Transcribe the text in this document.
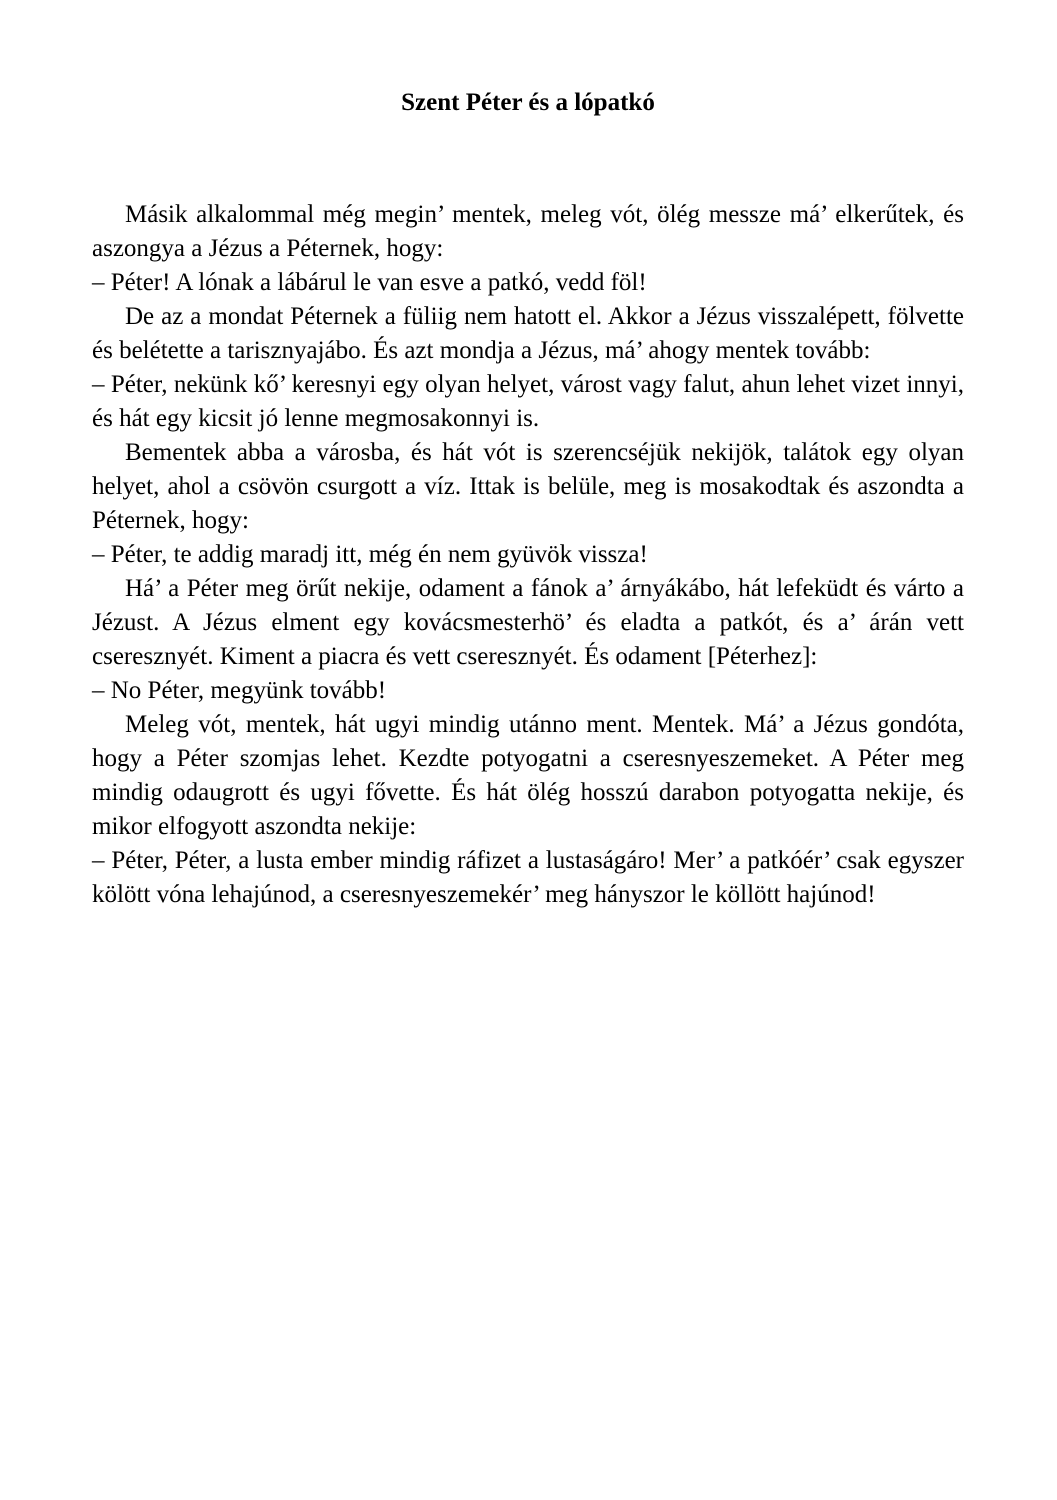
Szent Péter és a lópatkó

Másik alkalommal még megin’ mentek, meleg vót, ölég messze má’ elkerűtek, és aszongya a Jézus a Péternek, hogy:

– Péter! A lónak a lábárul le van esve a patkó, vedd föl!

De az a mondat Péternek a füliig nem hatott el. Akkor a Jézus visszalépett, fölvette és belétette a tarisznyajábo. És azt mondja a Jézus, má’ ahogy mentek tovább:

– Péter, nekünk kő’ keresnyi egy olyan helyet, várost vagy falut, ahun lehet vizet innyi, és hát egy kicsit jó lenne megmosakonnyi is.

Bementek abba a városba, és hát vót is szerencséjük nekijök, talátok egy olyan helyet, ahol a csövön csurgott a víz. Ittak is belüle, meg is mosakodtak és aszondta a Péternek, hogy:

– Péter, te addig maradj itt, még én nem gyüvök vissza!

Há’ a Péter meg örűt nekije, odament a fánok a’ árnyákábo, hát lefeküdt és várto a Jézust. A Jézus elment egy kovácsmesterhö’ és eladta a patkót, és a’ árán vett cseresznyét. Kiment a piacra és vett cseresznyét. És odament [Péterhez]:

– No Péter, megyünk tovább!

Meleg vót, mentek, hát ugyi mindig utánno ment. Mentek. Má’ a Jézus gondóta, hogy a Péter szomjas lehet. Kezdte potyogatni a cseresnyeszemeket. A Péter meg mindig odaugrott és ugyi fővette. És hát ölég hosszú darabon potyogatta nekije, és mikor elfogyott aszondta nekije:

– Péter, Péter, a lusta ember mindig ráfizet a lustaságáro! Mer’ a patkóér’ csak egyszer kölött vóna lehajúnod, a cseresnyeszemekér’ meg hányszor le köllött hajúnod!
